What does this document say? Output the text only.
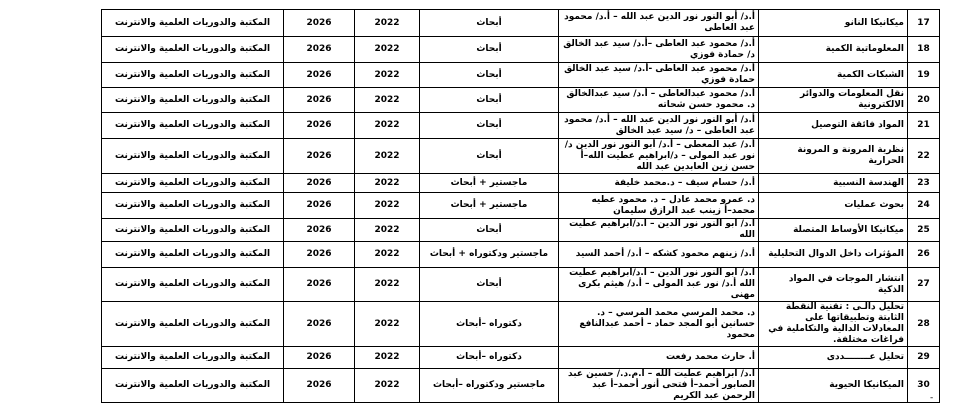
17	ميكانيكا النانو	أ.د/ أبو النور نور الدين عبد الله – أ.د/ محمود عبد العاطى	أبحاث	2022	2026	المكتبة والدوريات العلمية والانترنت
18	المعلوماتية الكمية	أ.د/ محمود عبد العاطى –أ.د/ سيد عبد الخالق د/ حمادة فوزي	أبحاث	2022	2026	المكتبة والدوريات العلمية والانترنت
19	الشبكات الكمية	أ.د/ محمود عبد العاطى -أ.د/ سيد عبد الخالق حمادة فوزي	أبحاث	2022	2026	المكتبة والدوريات العلمية والانترنت
20	نقل المعلومات والدوائر الالكترونية	أ.د/ محمود عبدالعاطى – أ.د/ سيد عبدالخالق د. محمود حسن شحاته	أبحاث	2022	2026	المكتبة والدوريات العلمية والانترنت
21	المواد فائقة التوصيل	أ.د/ أبو النور نور الدين عبد الله – أ.د/ محمود عبد العاطى – د/ سيد عبد الخالق	أبحاث	2022	2026	المكتبة والدوريات العلمية والانترنت
22	نظرية المرونة و المرونة الحرارية	أ.د/ عبد المعطى – أ.د/ أبو النور نور الدين د/ نور عبد المولى – د/ابراهيم عطيت الله–أ حسن زين العابدين عبد الله	أبحاث	2022	2026	المكتبة والدوريات العلمية والانترنت
23	الهندسة النسبية	أ.د/ حسام سيف – د.محمد خليفة	ماجستير + أبحاث	2022	2026	المكتبة والدوريات العلمية والانترنت
24	بحوث عمليات	د. عمرو محمد عادل – د. محمود عطيه محمد–أ زينب عبد الرازق سليمان	ماجستير + أبحاث	2022	2026	المكتبة والدوريات العلمية والانترنت
25	ميكانيكا الأوساط المتصلة	أ.د/ أبو النور نور الدين – أ.د/ابراهيم عطيت الله	أبحاث	2022	2026	المكتبة والدوريات العلمية والانترنت
26	المؤثرات داخل الدوال التحليلية	أ.د/ زينهم محمود كشكه – أ.د/ أحمد السيد	ماجستير ودكتوراه + أبحاث	2022	2026	المكتبة والدوريات العلمية والانترنت
27	انتشار الموجات في المواد الذكية	أ.د/ أبو النور نور الدين – أ.د/ابراهيم عطيت الله أ.د/ نور عبد المولى – أ.د/ هيثم بكرى مهنى	أبحاث	2022	2026	المكتبة والدوريات العلمية والانترنت
28	تحليل دالـى : تقنية النقطة الثابتة وتطبيقاتها على المعادلات الدالية والتكاملية في فراغات مختلفة.	د. محمد المرسي محمد المرسي – د. حسانين أبو المجد حماد – أحمد عبدالنافع محمود	دكتوراه –أبحاث	2022	2026	المكتبة والدوريات العلمية والانترنت
29	تحليل عــــــــددى	أ. حارث محمد رفعت	دكتوراه –أبحاث	2022	2026	المكتبة والدوريات العلمية والانترنت
30	الميكانيكا الحيوية	أ.د/ ابراهيم عطيت الله – أ.م.د./ حسين عبد الصابور أحمد–أ فتحى أنور أحمد–أ عبد الرحمن عبد الكريم	ماجستير ودكتوراه –أبحاث	2022	2026	المكتبة والدوريات العلمية والانترنت
-
